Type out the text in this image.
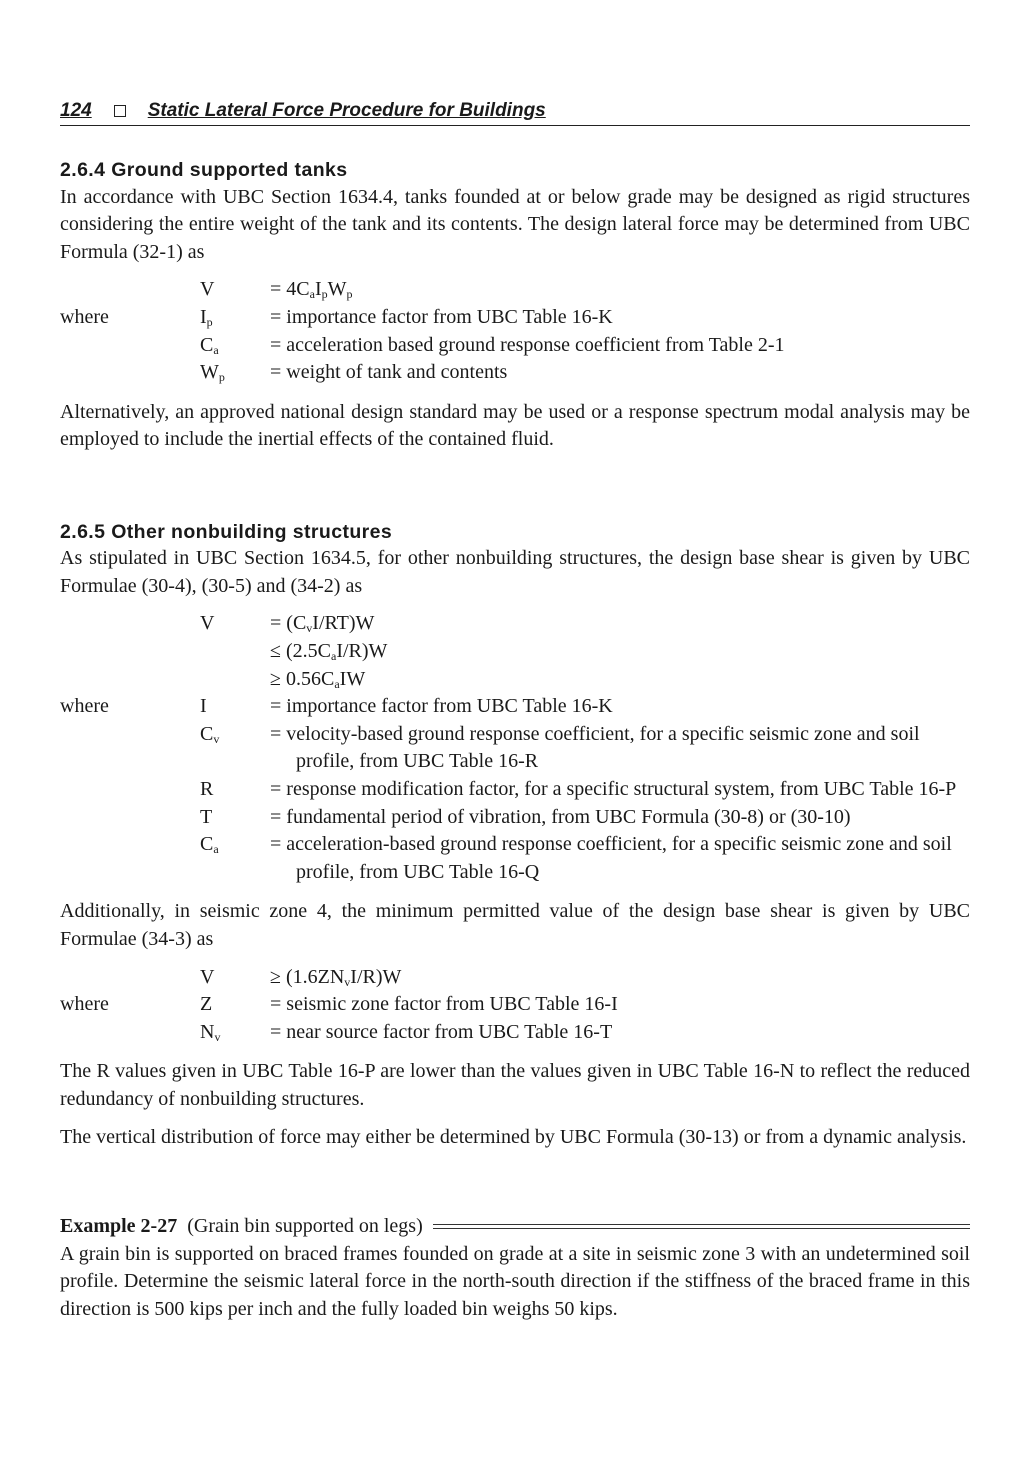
124	Static Lateral Force Procedure for Buildings
2.6.4 Ground supported tanks

In accordance with UBC Section 1634.4, tanks founded at or below grade may be designed as rigid structures considering the entire weight of the tank and its contents. The design lateral force may be determined from UBC Formula (32-1) as

V	= $4C_aI_pW_p$
where	$I_p$	= importance factor from UBC Table 16-K
$C_a$	= acceleration based ground response coefficient from Table 2-1
$W_p$	= weight of tank and contents

Alternatively, an approved national design standard may be used or a response spectrum modal analysis may be employed to include the inertial effects of the contained fluid.

2.6.5 Other nonbuilding structures

As stipulated in UBC Section 1634.5, for other nonbuilding structures, the design base shear is given by UBC Formulae (30-4), (30-5) and (34-2) as

V	= $(C_vI/RT)W$
≤ $(2.5C_aI/R)W$
≥ $0.56C_aIW$
where	I	= importance factor from UBC Table 16-K
$C_v$	= velocity-based ground response coefficient, for a specific seismic zone and soil profile, from UBC Table 16-R
R	= response modification factor, for a specific structural system, from UBC Table 16-P
T	= fundamental period of vibration, from UBC Formula (30-8) or (30-10)
$C_a$	= acceleration-based ground response coefficient, for a specific seismic zone and soil profile, from UBC Table 16-Q

Additionally, in seismic zone 4, the minimum permitted value of the design base shear is given by UBC Formulae (34-3) as

V	≥ $(1.6ZN_vI/R)W$
where	Z	= seismic zone factor from UBC Table 16-I
$N_v$	= near source factor from UBC Table 16-T

The R values given in UBC Table 16-P are lower than the values given in UBC Table 16-N to reflect the reduced redundancy of nonbuilding structures.

The vertical distribution of force may either be determined by UBC Formula (30-13) or from a dynamic analysis.

Example 2-27 (Grain bin supported on legs)

A grain bin is supported on braced frames founded on grade at a site in seismic zone 3 with an undetermined soil profile. Determine the seismic lateral force in the north-south direction if the stiffness of the braced frame in this direction is 500 kips per inch and the fully loaded bin weighs 50 kips.
